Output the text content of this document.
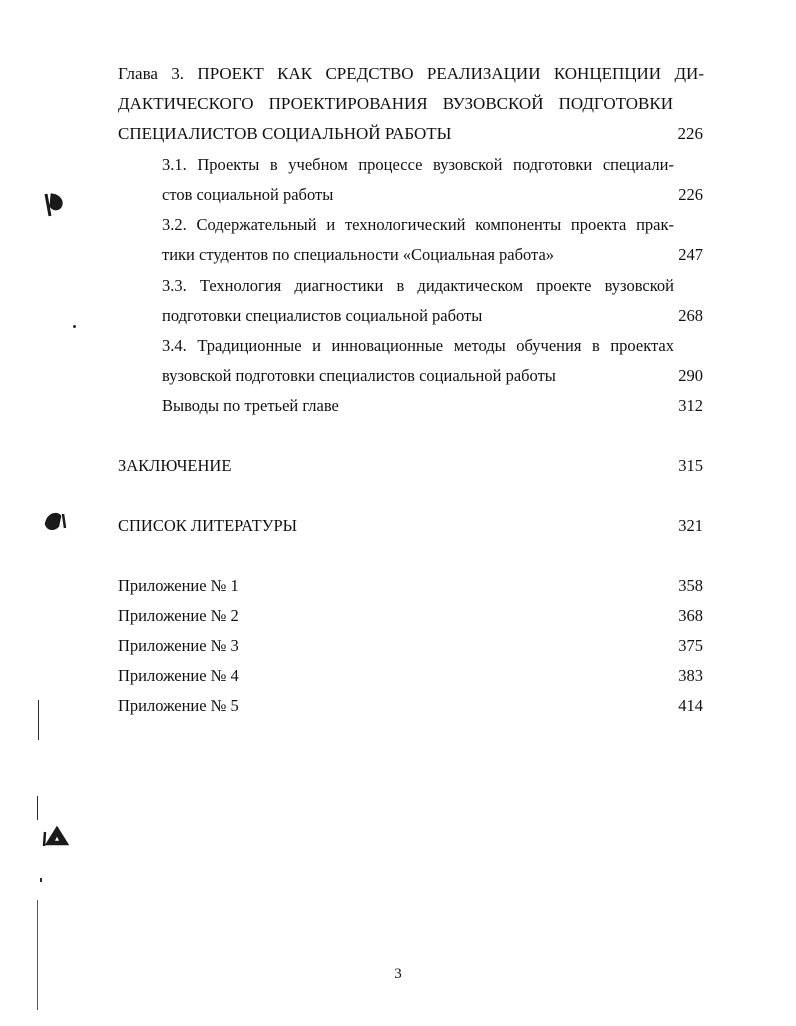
Глава 3. ПРОЕКТ КАК СРЕДСТВО РЕАЛИЗАЦИИ КОНЦЕПЦИИ ДИ-
ДАКТИЧЕСКОГО ПРОЕКТИРОВАНИЯ ВУЗОВСКОЙ ПОДГОТОВКИ
СПЕЦИАЛИСТОВ СОЦИАЛЬНОЙ РАБОТЫ	226
3.1. Проекты в учебном процессе вузовской подготовки специали-
стов социальной работы	226
3.2. Содержательный и технологический компоненты проекта прак-
тики студентов по специальности «Социальная работа»	247
3.3. Технология диагностики в дидактическом проекте вузовской
подготовки специалистов социальной работы	268
3.4. Традиционные и инновационные методы обучения в проектах
вузовской подготовки специалистов социальной работы	290
Выводы по третьей главе	312
ЗАКЛЮЧЕНИЕ	315
СПИСОК ЛИТЕРАТУРЫ	321
Приложение № 1	358
Приложение № 2	368
Приложение № 3	375
Приложение № 4	383
Приложение № 5	414
3
